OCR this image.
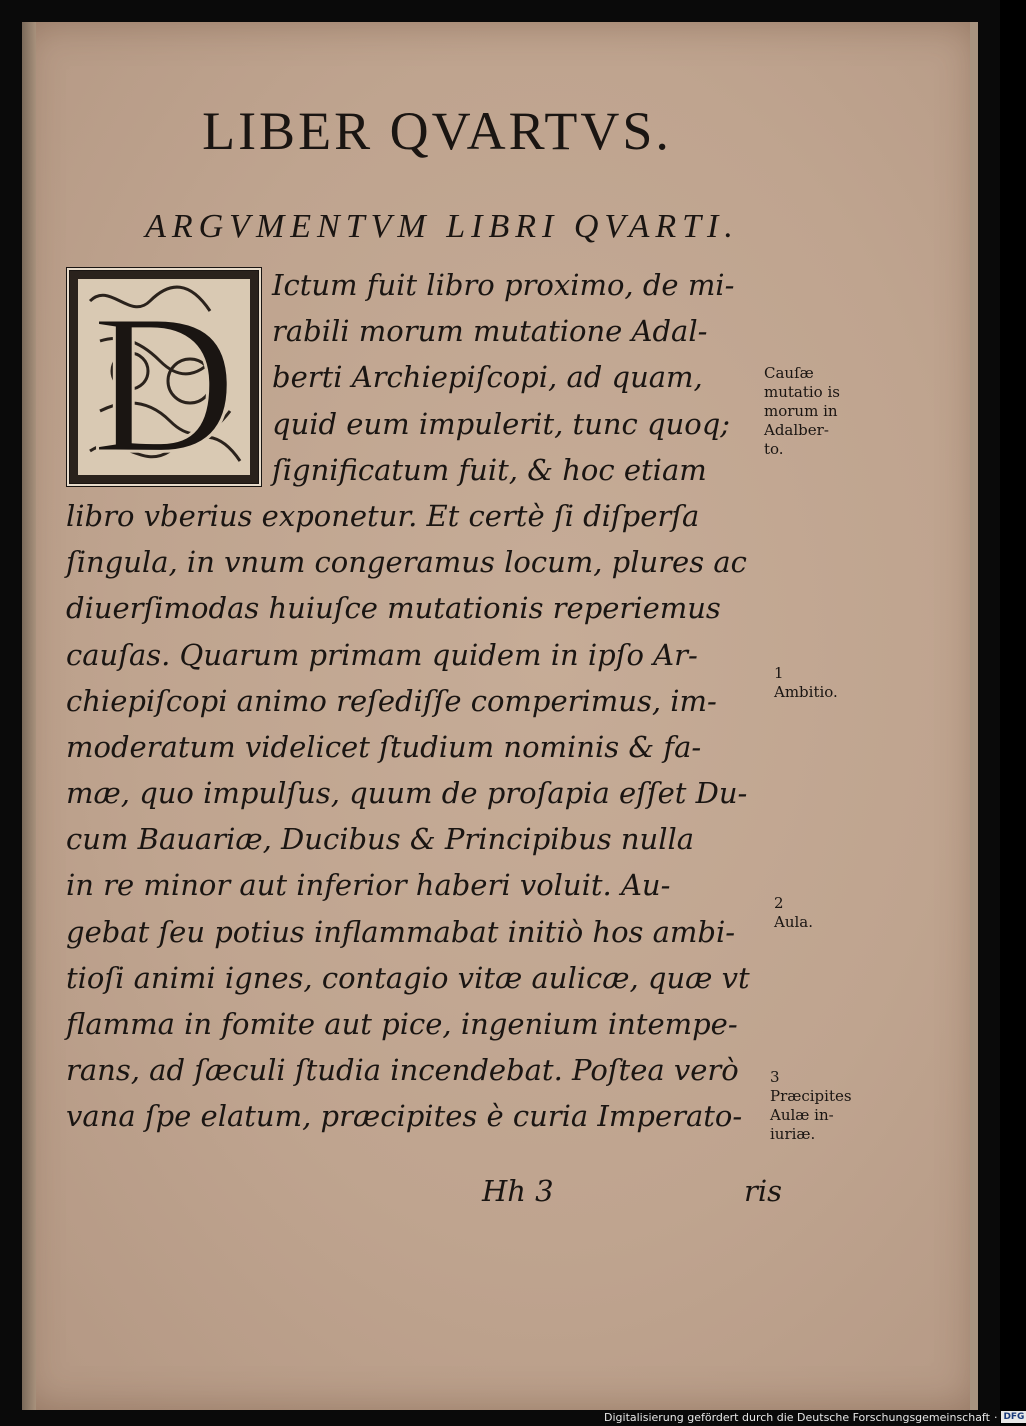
LIBER QVARTVS.
ARGVMENTVM LIBRI QVARTI.
D	Ictum fuit libro proximo, de mi-
rabili morum mutatione Adal-
berti Archiepiſcopi, ad quam,
quid eum impulerit, tunc quoq;
ſignificatum fuit, & hoc etiam
libro vberius exponetur. Et certè ſi diſperſa
ſingula, in vnum congeramus locum, plures ac
diuerſimodas huiuſce mutationis reperiemus
cauſas. Quarum primam quidem in ipſo Ar-
chiepiſcopi animo reſediſſe comperimus, im-
moderatum videlicet ſtudium nominis & fa-
mæ, quo impulſus, quum de proſapia eſſet Du-
cum Bauariæ, Ducibus & Principibus nulla
in re minor aut inferior haberi voluit. Au-
gebat ſeu potius inflammabat initiò hos ambi-
tioſi animi ignes, contagio vitæ aulicæ, quæ vt
flamma in fomite aut pice, ingenium intempe-
rans, ad ſæculi ſtudia incendebat. Poſtea verò
vana ſpe elatum, præcipites è curia Imperato-
Hh 3	ris
Cauſæ
mutatio is
morum in
Adalber-
to.
1
Ambitio.
2
Aula.
3
Præcipites
Aulæ in-
iuriæ.
Digitalisierung gefördert durch die Deutsche Forschungsgemeinschaft · DFG
